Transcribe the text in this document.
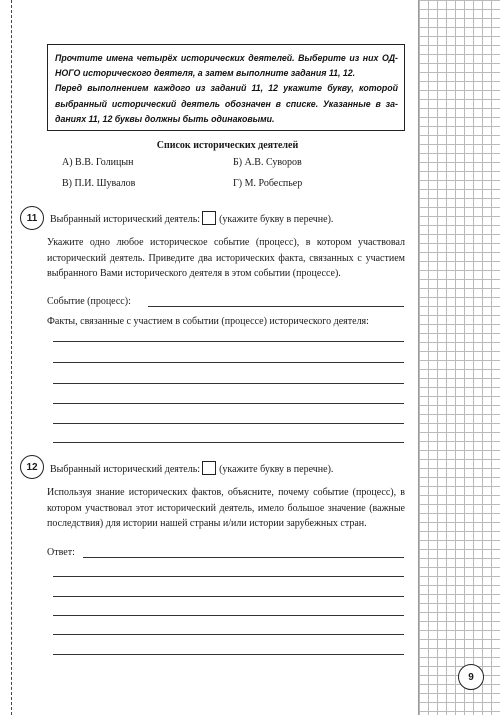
Прочтите имена четырёх исторических деятелей. Выберите из них ОД-
НОГО исторического деятеля, а затем выполните задания 11, 12.
Перед выполнением каждого из заданий 11, 12 укажите букву, которой
выбранный исторический деятель обозначен в списке. Указанные в за-
даниях 11, 12 буквы должны быть одинаковыми.
Список исторических деятелей
А) В.В. Голицын	Б) А.В. Суворов
В) П.И. Шувалов	Г) М. Робеспьер
11	Выбранный исторический деятель: (укажите букву в перечне).
Укажите одно любое историческое событие (процесс), в котором участвовал исторический деятель. Приведите два исторических факта, связанных с участием выбранного Вами исторического деятеля в этом событии (процессе).
Событие (процесс):
Факты, связанные с участием в событии (процессе) исторического деятеля:
12	Выбранный исторический деятель: (укажите букву в перечне).
Используя знание исторических фактов, объясните, почему событие (процесс), в котором участвовал этот исторический деятель, имело большое значение (важные последствия) для истории нашей страны и/или истории зарубежных стран.
Ответ:
9
